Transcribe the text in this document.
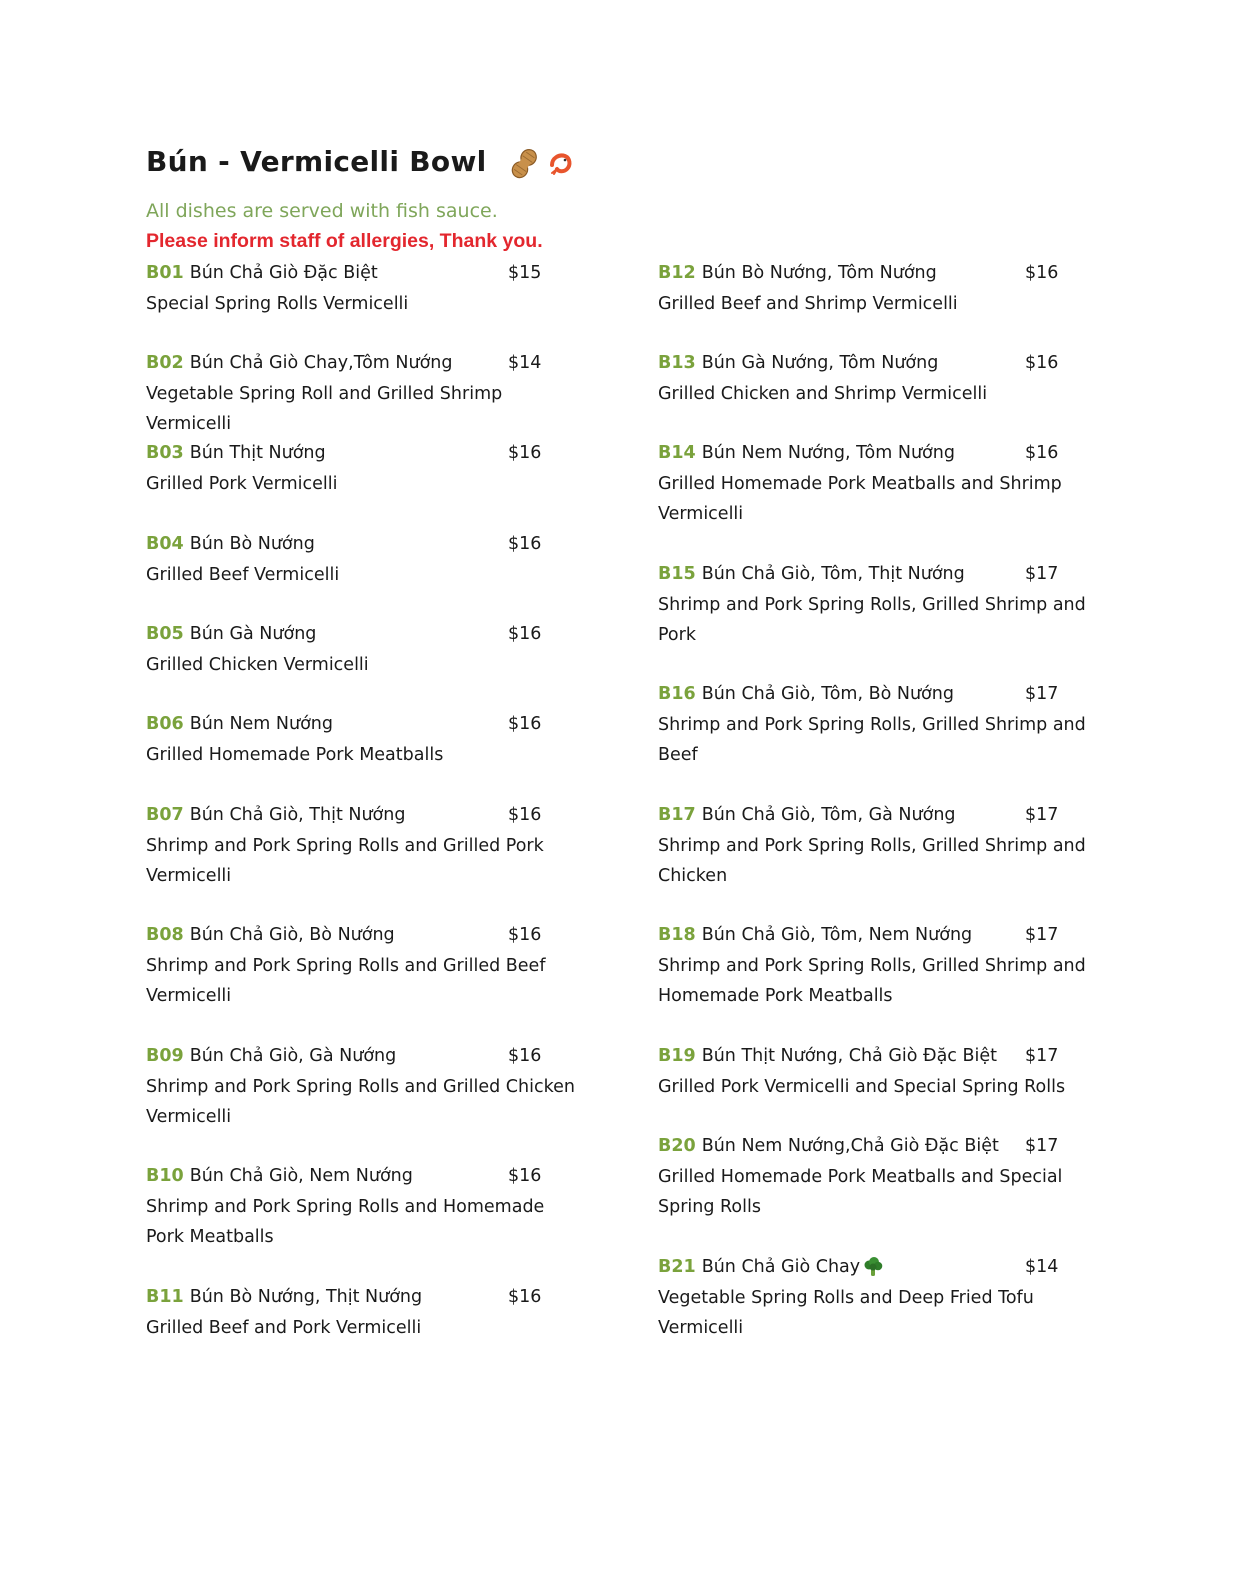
Bún - Vermicelli Bowl
All dishes are served with fish sauce.
Please inform staff of allergies, Thank you.
B01 Bún Chả Giò Đặc Biệt	$15
Special Spring Rolls Vermicelli
B02 Bún Chả Giò Chay,Tôm Nướng	$14
Vegetable Spring Roll and Grilled Shrimp Vermicelli
B03 Bún Thịt Nướng	$16
Grilled Pork Vermicelli
B04 Bún Bò Nướng	$16
Grilled Beef Vermicelli
B05 Bún Gà Nướng	$16
Grilled Chicken Vermicelli
B06 Bún Nem Nướng	$16
Grilled Homemade Pork Meatballs
B07 Bún Chả Giò, Thịt Nướng	$16
Shrimp and Pork Spring Rolls and Grilled Pork Vermicelli
B08 Bún Chả Giò, Bò Nướng	$16
Shrimp and Pork Spring Rolls and Grilled Beef Vermicelli
B09 Bún Chả Giò, Gà Nướng	$16
Shrimp and Pork Spring Rolls and Grilled Chicken Vermicelli
B10 Bún Chả Giò, Nem Nướng	$16
Shrimp and Pork Spring Rolls and Homemade Pork Meatballs
B11 Bún Bò Nướng, Thịt Nướng	$16
Grilled Beef and Pork Vermicelli
B12 Bún Bò Nướng, Tôm Nướng	$16
Grilled Beef and Shrimp Vermicelli
B13 Bún Gà Nướng, Tôm Nướng	$16
Grilled Chicken and Shrimp Vermicelli
B14 Bún Nem Nướng, Tôm Nướng	$16
Grilled Homemade Pork Meatballs and Shrimp Vermicelli
B15 Bún Chả Giò, Tôm, Thịt Nướng	$17
Shrimp and Pork Spring Rolls, Grilled Shrimp and Pork
B16 Bún Chả Giò, Tôm, Bò Nướng	$17
Shrimp and Pork Spring Rolls, Grilled Shrimp and Beef
B17 Bún Chả Giò, Tôm, Gà Nướng	$17
Shrimp and Pork Spring Rolls, Grilled Shrimp and Chicken
B18 Bún Chả Giò, Tôm, Nem Nướng	$17
Shrimp and Pork Spring Rolls, Grilled Shrimp and Homemade Pork Meatballs
B19 Bún Thịt Nướng, Chả Giò Đặc Biệt $17
Grilled Pork Vermicelli and Special Spring Rolls
B20 Bún Nem Nướng,Chả Giò Đặc Biệt $17
Grilled Homemade Pork Meatballs and Special Spring Rolls
B21 Bún Chả Giò Chay	$14
Vegetable Spring Rolls and Deep Fried Tofu Vermicelli
